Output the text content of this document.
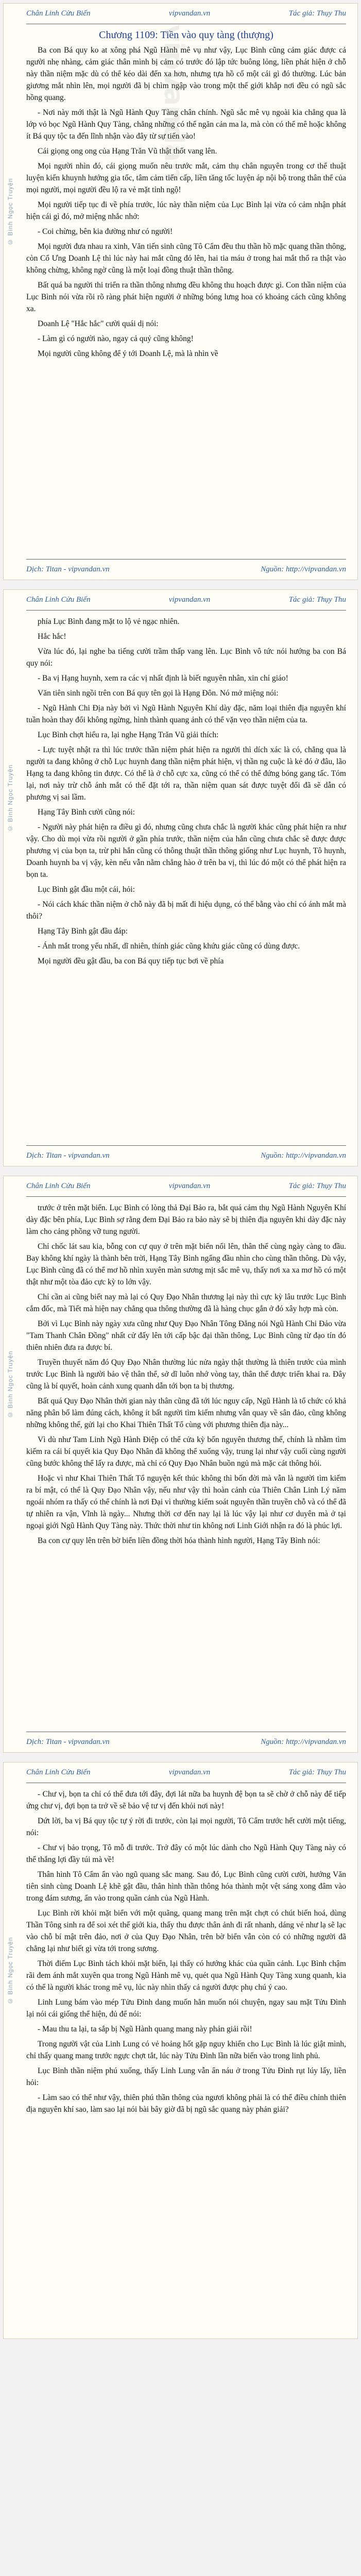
© Bình Ngọc Truyện
vipvandan
Chân Linh Cửu Biến	vipvandan.vn	Tác giả: Thụy Thu
Chương 1109: Tiền vào quy tàng (thượng)

Ba con Bá quy ko at xông phá Ngũ Hành mê vụ như vậy, Lục Bình cũng cảm giác được cả người nhẹ nhàng, cảm giác thân mình bị cảm có trước đó lập tức buông lỏng, liền phát hiện ở chỗ này thần niệm mặc dù có thể kéo dài đến xa hơn, nhưng tựa hồ cố một cái gì đó thường. Lúc bản giương mắt nhìn lên, mọi người đã bị chìm ngập vào trong một thế giới khắp nơi đều có ngũ sắc hồng quang.

- Nơi này mới thật là Ngũ Hành Quy Tàng chân chính. Ngũ sắc mê vụ ngoài kia chẳng qua là lớp vỏ bọc Ngũ Hành Quy Tàng, chẳng những có thể ngăn cản ma la, mà còn có thể mê hoặc không ít Bá quy tộc ta đến lĩnh nhận vào đây từ sự tiến vào!

Cái giọng ong ong của Hạng Trăn Vũ thật thốt vang lên.

Mọi người nhìn đó, cái giọng muốn nêu trước mắt, cảm thụ chân nguyên trong cơ thể thuật luyện kiến khuynh hướng gia tốc, tâm cảm tiến cấp, liền tăng tốc luyện áp nội bộ trong thân thể của mọi người, mọi người đều lộ ra vẻ mặt tỉnh ngộ!

Mọi người tiếp tục đi về phía trước, lúc này thần niệm của Lục Bình lại vừa có cảm nhận phát hiện cái gì đó, mở miệng nhắc nhở:

- Coi chừng, bên kia đường như có người!

Mọi người đưa nhau ra xinh, Văn tiến sinh cũng Tô Cẩm đều thu thần hồ mặc quang thần thông, còn Cổ Ưng Doanh Lệ thì lúc này hai mắt cũng đỏ lên, hai tia máu ở trong hai mắt thổ ra thật vào không chừng, không ngờ cũng là một loại đồng thuật thần thông.

Bất quá ba người thi triển ra thần thông nhưng đều không thu hoạch được gì. Con thần niệm của Lục Bình nói vừa rồi rõ ràng phát hiện người ở những bóng lưng hoa có khoảng cách cũng không xa.

Doanh Lệ "Hắc hắc" cười quái dị nói:

- Làm gì có người nào, ngay cả quỷ cũng không!

Mọi người cũng không để ý tới Doanh Lệ, mà là nhìn về

Dịch: Titan - vipvandan.vn	Nguồn: http://vipvandan.vn
© Bình Ngọc Truyện
Chân Linh Cửu Biến	vipvandan.vn	Tác giả: Thụy Thu

phía Lục Bình đang mặt to lộ vẻ ngạc nhiên.

Hắc hắc!

Vừa lúc đó, lại nghe ba tiếng cười trầm thấp vang lên. Lục Bình vô tức nói hướng ba con Bá quy nói:

- Ba vị Hạng huynh, xem ra các vị nhất định là biết nguyên nhân, xin chỉ giáo!

Văn tiên sinh ngồi trên con Bá quy tên gọi là Hạng Đôn. Nó mở miệng nói:

- Ngũ Hành Chi Địa này bởi vì Ngũ Hành Nguyên Khí dày đặc, năm loại thiên địa nguyên khí tuần hoàn thay đổi không ngừng, hình thành quang ảnh có thể vặn vẹo thần niệm của ta.

Lục Bình chợt hiểu ra, lại nghe Hạng Trăn Vũ giải thích:

- Lực tuyệt nhật ra thì lúc trước thần niệm phát hiện ra người thì dích xác là có, chẳng qua là người ta đang không ở chỗ Lục huynh đang thần niệm phát hiện, vị thần ng cuộc là kẻ đó ở đâu, lão Hạng ta đang không tin được. Có thể là ở chỗ cực xa, cũng có thể có thể đứng bóng gang tấc. Tóm lại, nơi này trừ chỗ ánh mắt có thể đặt tới ra, thần niệm quan sát được tuyệt đối đã sẽ dẫn có phương vị sai lầm.

Hạng Tây Bình cười cũng nói:

- Người này phát hiện ra điều gì đó, nhưng cũng chưa chắc là người khác cũng phát hiện ra như vậy. Cho dù mọi vừa rồi người ở gần phía trước, thần niệm của hắn cũng chưa chắc sẽ được được phương vị của bọn ta, trừ phi hắn cũng có thông thuật thần thông giống như Lục huynh, Tô huynh, Doanh huynh ba vị vậy, kèn nếu vẫn nằm chẳng hào ở trên ba vị, thì lúc đó một có thể phát hiện ra bọn ta.

Lục Bình gật đầu một cái, hỏi:

- Nói cách khác thần niệm ở chỗ này đã bị mất đi hiệu dụng, có thể bằng vào chỉ có ánh mắt mà thôi?

Hạng Tây Bình gật đầu đáp:

- Ánh mắt trong yếu nhất, dĩ nhiên, thính giác cũng khứu giác cũng có dùng được.

Mọi người đều gật đầu, ba con Bá quy tiếp tục bơi về phía

Dịch: Titan - vipvandan.vn	Nguồn: http://vipvandan.vn
© Bình Ngọc Truyện
Chân Linh Cửu Biến	vipvandan.vn	Tác giả: Thụy Thu

trước ở trên mặt biển. Lục Bình có lòng thả Đại Bảo ra, bắt quá cảm thụ Ngũ Hành Nguyên Khí dày đặc bên phía, Lục Bình sợ rằng đem Đại Bảo ra bảo này sẽ bị thiên địa nguyên khi dày đặc này làm cho cảng phồng vỡ tung người.

Chỉ chốc lát sau kia, bỗng con cự quy ở trên mặt biển nổi lên, thân thể cùng ngày càng to đầu. Bay không khí ngày là thành bên trời, Hạng Tây Bình ngẩng đầu nhìn cho cùng thần thông. Dù vậy, Lục Bình cũng đã có thể mơ hồ nhìn xuyên màn sương mịt sắc mê vụ, thấy nơi xa xa mơ hồ có một thật như một tòa đảo cực kỳ to lớn vậy.

Chỉ cần ai cũng biết nay mà lại có Quy Đạo Nhân thương lại này thì cực kỳ lâu trước Lục Bình cắm đốc, mà Tiết mà hiện nay chẳng qua thông thường đã là hàng chục gắn ở đó xây hợp mà còn.

Bởi vì Lục Bình này ngày xưa cũng như Quy Đạo Nhân Tông Đẳng nói Ngũ Hành Chi Đảo vừa "Tam Thanh Chân Đồng" nhất cử đấy lên tới cấp bậc đại thần thông, Lục Bình cũng từ đạo tín đó thiên nhiên đưa ra được bí.

Truyền thuyết năm đó Quy Đạo Nhân thường lúc nửa ngày thật thường là thiên trước của mình trước Lục Bình là người bảo vệ thân thể, sở dĩ luôn nhớ vòng tay, thân thể được triển khai ra. Đây cũng là bí quyết, hoàn cảnh xung quanh dẫn tới bọn ta bị thương.

Bất quá Quy Đạo Nhân thời gian này thân cũng đã tới lúc nguy cấp, Ngũ Hành là tổ chức có khả năng phân bố làm đúng cách, không ít bất người tìm kiếm nhưng vẫn quay về sân đảo, cũng không những không thể, gửi lại cho Khai Thiên Thất Tổ cùng với phương thiên địa này...

Vì dù như Tam Linh Ngũ Hành Điệp có thể cửa kỳ bốn nguyên thương thế, chính là nhằm tìm kiếm ra cái bí quyết kia Quy Đạo Nhân đã không thể xuống vậy, trung lại như vậy cuối cùng người cũng bước không thể lấy ra được, mà chỉ có Quy Đạo Nhân buồn ngủ mà mặc cát thông hỏi.

Hoặc vì như Khai Thiên Thất Tổ nguyện kết thúc không thì bốn đời mà vẫn là người tìm kiếm ra bí mật, có thể là Quy Đạo Nhân vậy, nếu như vậy thì hoàn cảnh của Thiên Chân Linh Lý năm ngoái nhóm ra thấy có thể chính là nơi Đại vì thường kiểm soát nguyên thần truyền chỗ và có thể đã tự nhiên ra vận, Vĩnh là ngày... Nhưng thời cơ đến nay lại là lúc vậy lại như cơ duyên mà ở tại ngoại giới Ngũ Hành Quy Tàng này. Thức thời như tin không nơi Linh Giới nhận ra đó là phúc lợi.

Ba con cự quy lên trên bờ biển liền đồng thời hóa thành hình người, Hạng Tây Bình nói:

Dịch: Titan - vipvandan.vn	Nguồn: http://vipvandan.vn
© Bình Ngọc Truyện
Chân Linh Cửu Biến	vipvandan.vn	Tác giả: Thụy Thu

- Chư vị, bọn ta chỉ có thể đưa tới đây, đợi lát nữa ba huynh đệ bọn ta sẽ chờ ở chỗ này để tiếp ứng chư vị, đợi bọn ta trở về sẽ bảo vệ tư vị đến khỏi nơi này!

Dứt lời, ba vị Bá quy tộc tự ý rời đi trước, còn lại mọi người, Tô Cẩm trước hết cười một tiếng, nói:

- Chư vị bảo trọng, Tô mỗ đi trước. Trở đây có một lúc dành cho Ngũ Hành Quy Tàng này có thể thắng lợi đầy túi mà về!

Thân hình Tô Cẩm ẩn vào ngũ quang sắc mang. Sau đó, Lục Bình cũng cười cười, hướng Văn tiên sinh cùng Doanh Lệ khẽ gật đầu, thân hình thần thông hóa thành một vệt sáng xong đâm vào trong đám sương, ẩn vào trong quần cảnh của Ngũ Hành.

Lục Bình rời khỏi mặt biển với một quãng, quang mang trên mặt chợt có chút biến hoá, dùng Thần Tông sinh ra để soi xét thế giới kia, thấy thu được thân ảnh đi rất nhanh, dáng vẻ như lạ sẽ lạc vào chỗ bí mật trên đảo, nơi ở của Quy Đạo Nhân, trên bờ biển vẫn còn có có những người đã chẳng lại như biết gì vừa tới trong sương.

Thời điểm Lục Bình tách khỏi mặt biển, lại thấy có hướng khác của quần cảnh. Lục Bình chậm rãi đem ánh mắt xuyên qua trong Ngũ Hành mê vụ, quét qua Ngũ Hành Quy Tàng xung quanh, kia có thể là người khác trong mê vụ, lúc này nhìn thấy cả người được phụ chú ý cao.

Linh Lung bám vào mép Tửu Đình dang muốn hẳn muốn nói chuyện, ngay sau mặt Tửu Đình lại nói cái giống thể hiện, đủ để nói:

- Mau thu ta lại, ta sắp bị Ngũ Hành quang mang này phản giải rồi!

Trong người vật của Linh Lung có vẻ hoảng hốt gặp nguy khiến cho Lục Bình là lúc giật mình, chỉ thấy quang mang trước ngực chợt tắt, lúc này Tửu Đình lần nữa biến vào trong linh phủ.

Lục Bình thần niệm phú xuống, thấy Linh Lung vẫn ẩn náu ở trong Tửu Đình rụt lúy lấy, liền hỏi:

- Làm sao có thể như vậy, thiên phú thần thông của ngươi không phải là có thể điều chỉnh thiên địa nguyên khí sao, làm sao lại nói bài bây giờ đã bị ngũ sắc quang này phản giải?
